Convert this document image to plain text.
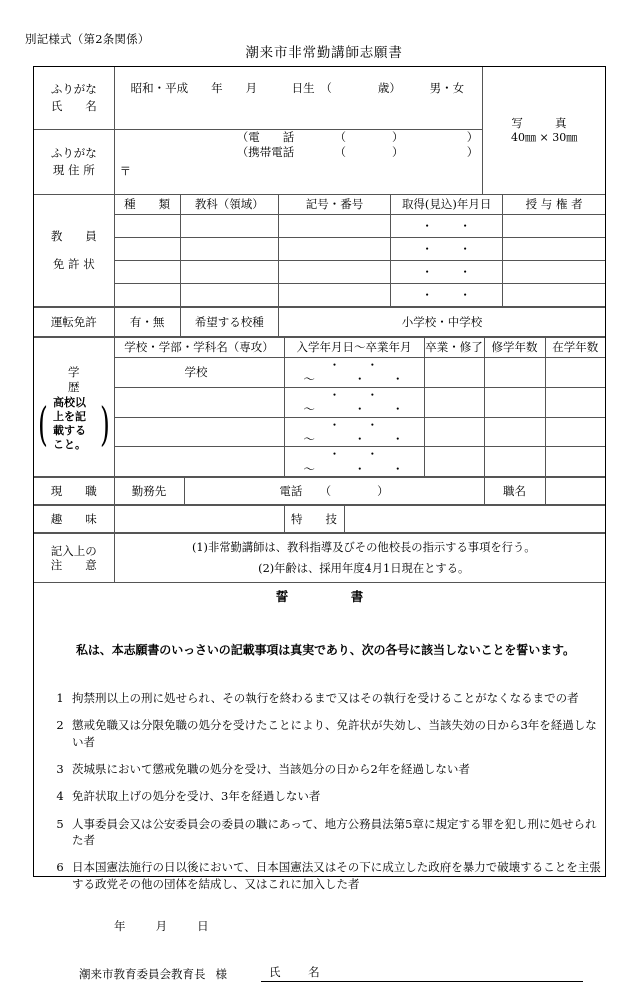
別記様式（第2条関係）
潮来市非常勤講師志願書
ふりがな
氏　　名

昭和・平成　　年　　月　　　日生　（　　　　歳）　　　男・女

写　真
40㎜ × 30㎜

ふりがな
現 住 所	〒
（電　　話　　　　（　　　　）　　　　　　）
（携帯電話　　　　（　　　　）　　　　　　）
教　　員
免 許 状	種　　類	教科（領域）	記号・番号	取得(見込)年月日	授 与 権 者
				・　　・	
				・　　・	
				・　　・	
				・　　・	
運転免許	有・無	希望する校種	小学校・中学校
学　　歴
( 高校以上を記載すること。 )	学校・学部・学科名（専攻）	入学年月日～卒業年月	卒業・修了	修学年数	在学年数
	学校	・　　・　　～　　　・　　・			
		・　　・　　～　　　・　　・			
		・　　・　　～　　　・　　・			
		・　　・　　～　　　・　　・			
現　　職	勤務先	電話　　（　　　　）	職名	
趣　　味		特　　技	
記入上の
注　　意

(1)非常勤講師は、教科指導及びその他校長の指示する事項を行う。

(2)年齢は、採用年度4月1日現在とする。

誓　　書
私は、本志願書のいっさいの記載事項は真実であり、次の各号に該当しないことを誓います。
1 拘禁刑以上の刑に処せられ、その執行を終わるまで又はその執行を受けることがなくなるまでの者
2 懲戒免職又は分限免職の処分を受けたことにより、免許状が失効し、当該失効の日から3年を経過しない者
3 茨城県において懲戒免職の処分を受け、当該処分の日から2年を経過しない者
4 免許状取上げの処分を受け、3年を経過しない者
5 人事委員会又は公安委員会の委員の職にあって、地方公務員法第5章に規定する罪を犯し刑に処せられた者
6 日本国憲法施行の日以後において、日本国憲法又はその下に成立した政府を暴力で破壊することを主張する政党その他の団体を結成し、又はこれに加入した者
年	月	日
潮来市教育委員会教育長 様	氏　名
